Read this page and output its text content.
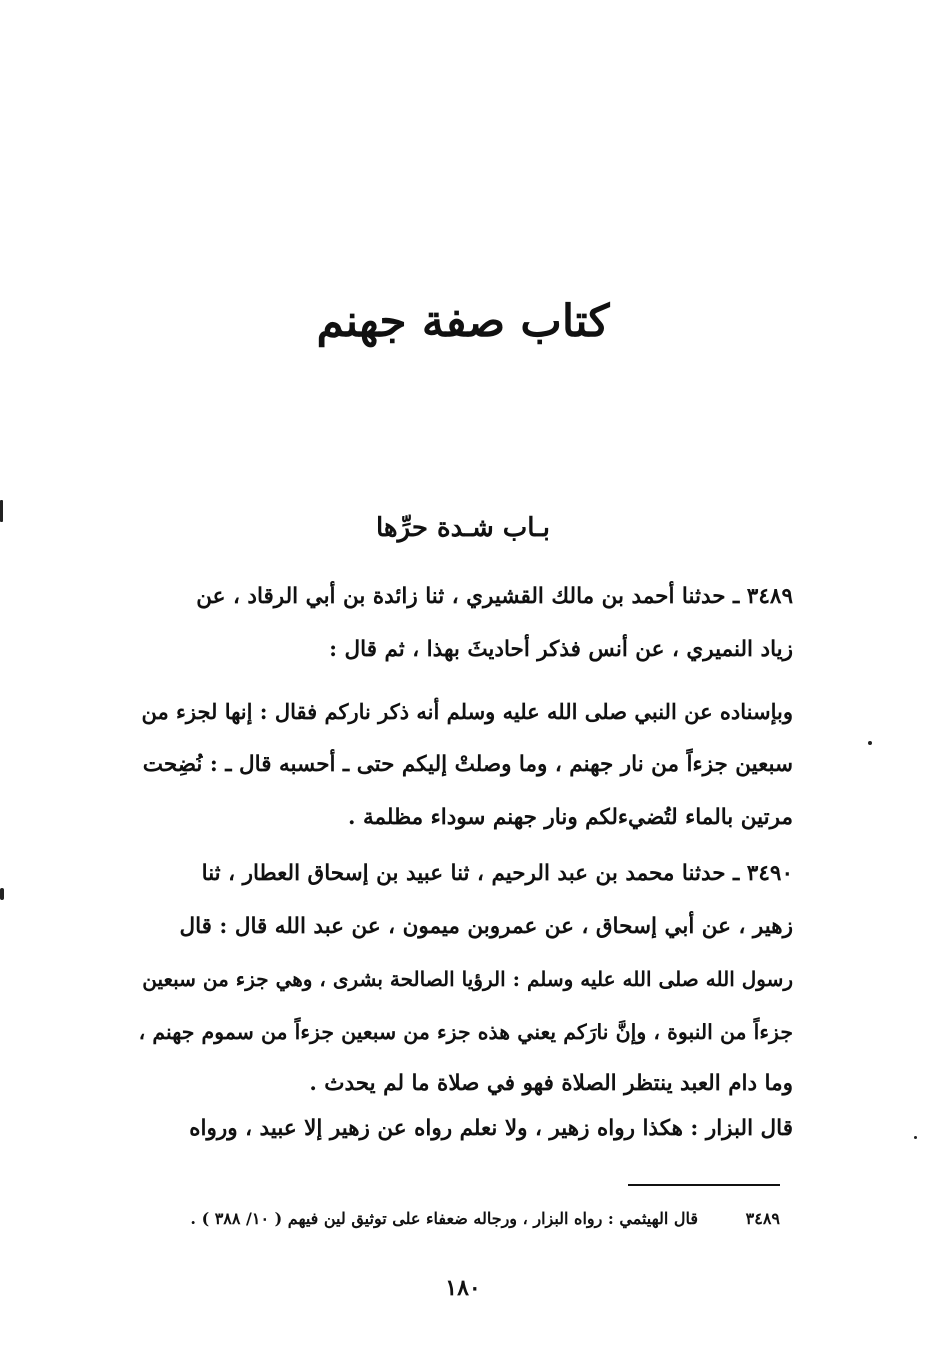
كتاب صفة جهنم
بـاب شـدة حرِّها
٣٤٨٩ ـ حدثنا أحمد بن مالك القشيري ، ثنا زائدة بن أبي الرقاد ، عن
زياد النميري ، عن أنس فذكر أحاديثَ بهذا ، ثم قال :
وبإسناده عن النبي صلى الله عليه وسلم أنه ذكر ناركم فقال : إنها لجزء من
سبعين جزءاً من نار جهنم ، وما وصلتْ إليكم حتى ـ أحسبه قال ـ : نُضِحت
مرتين بالماء لتُضيءلكم ونار جهنم سوداء مظلمة .
٣٤٩٠ ـ حدثنا محمد بن عبد الرحيم ، ثنا عبيد بن إسحاق العطار ، ثنا
زهير ، عن أبي إسحاق ، عن عمروبن ميمون ، عن عبد الله قال : قال
رسول الله صلى الله عليه وسلم : الرؤيا الصالحة بشرى ، وهي جزء من سبعين
جزءاً من النبوة ، وإنَّ نارَكم يعني هذه جزء من سبعين جزءاً من سموم جهنم ،
وما دام العبد ينتظر الصلاة فهو في صلاة ما لم يحدث .
قال البزار : هكذا رواه زهير ، ولا نعلم رواه عن زهير إلا عبيد ، ورواه
٣٤٨٩ قال الهيثمي : رواه البزار ، ورجاله ضعفاء على توثيق لين فيهم ( ١٠/ ٣٨٨ ) .
١٨٠
